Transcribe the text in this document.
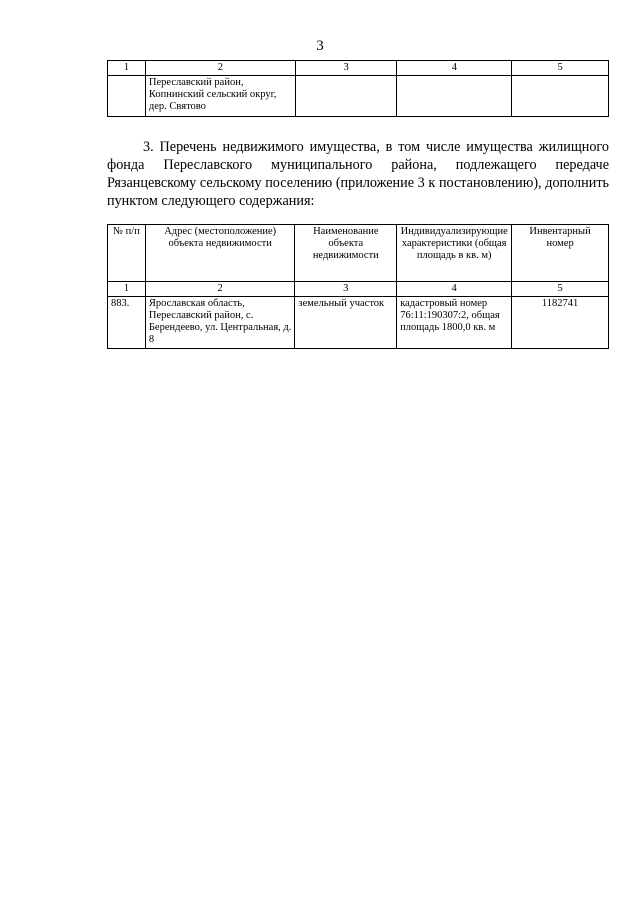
3
1	2	3	4	5
	Переславский район, Копнинский сельский округ, дер. Святово			
3. Перечень недвижимого имущества, в том числе имущества жилищного фонда Переславского муниципального района, подлежащего передаче Рязанцевскому сельскому поселению (приложение 3 к постановлению), дополнить пунктом следующего содержания:
№ п/п	Адрес (местоположение) объекта недвижимости	Наименование объекта недвижимости	Индивидуализирующие характеристики (общая площадь в кв. м)	Инвентарный номер
1	2	3	4	5
883.	Ярославская область, Переславский район, с. Берендеево, ул. Центральная, д. 8	земельный участок	кадастровый номер 76:11:190307:2, общая площадь 1800,0 кв. м	1182741
